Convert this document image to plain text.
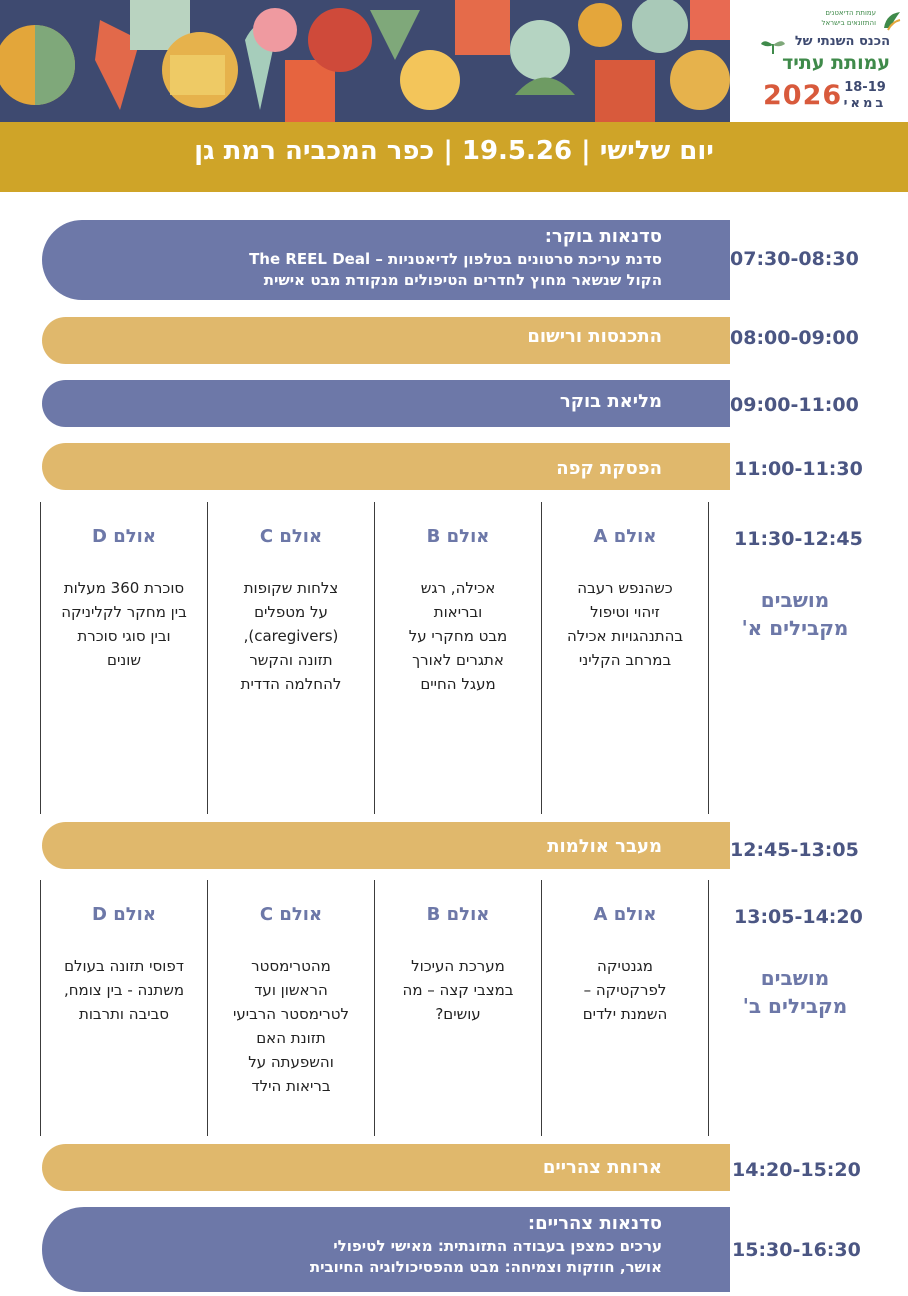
עמותת הדיאטנים
והתזונאים בישראל
הכנס השנתי של
עמותת עתיד
2026 18-19
במאי
יום שלישי | 19.5.26 | כפר המכביה רמת גן
סדנאות בוקר:
סדנת עריכת סרטונים בטלפון לדיאטניות – The REEL Deal
הקול שנשאר מחוץ לחדרים הטיפולים מנקודת מבט אישית
07:30-08:30
התכנסות ורישום	08:00-09:00
מליאת בוקר	09:00-11:00
הפסקת קפה	11:00-11:30
אולם D
סוכרת 360 מעלות
בין מחקר לקליניקה
ובין סוגי סוכרת
שונים
אולם C
צלחות שקופות
על מטפלים
(caregivers),
תזונה והקשר
להחלמה הדדית
אולם B
אכילה, רגש
ובריאות
מבט מחקרי על
אתגרים לאורך
מעגל החיים
אולם A
כשהנפש רעבה
זיהוי וטיפול
בהתנהגויות אכילה
במרחב הקליני
11:30-12:45
מושבים
מקבילים א'
מעבר אולמות	12:45-13:05
אולם D
דפוסי תזונה בעולם
משתנה - בין צומח,
סביבה ותרבות
אולם C
מהטרימסטר
הראשון ועד
לטרימסטר הרביעי
תזונת האם
והשפעתה על
בריאות הילד
אולם B
מערכת העיכול
במצבי קצה – מה
עושים?
אולם A
מגנטיקה
לפרקטיקה –
השמנת ילדים
13:05-14:20
מושבים
מקבילים ב'
ארוחת צהריים	14:20-15:20
סדנאות צהריים:
ערכים כמצפן בעבודה התזונתית: מאישי לטיפולי
אושר, חוזקות וצמיחה: מבט מהפסיכולוגיה החיובית
15:30-16:30
